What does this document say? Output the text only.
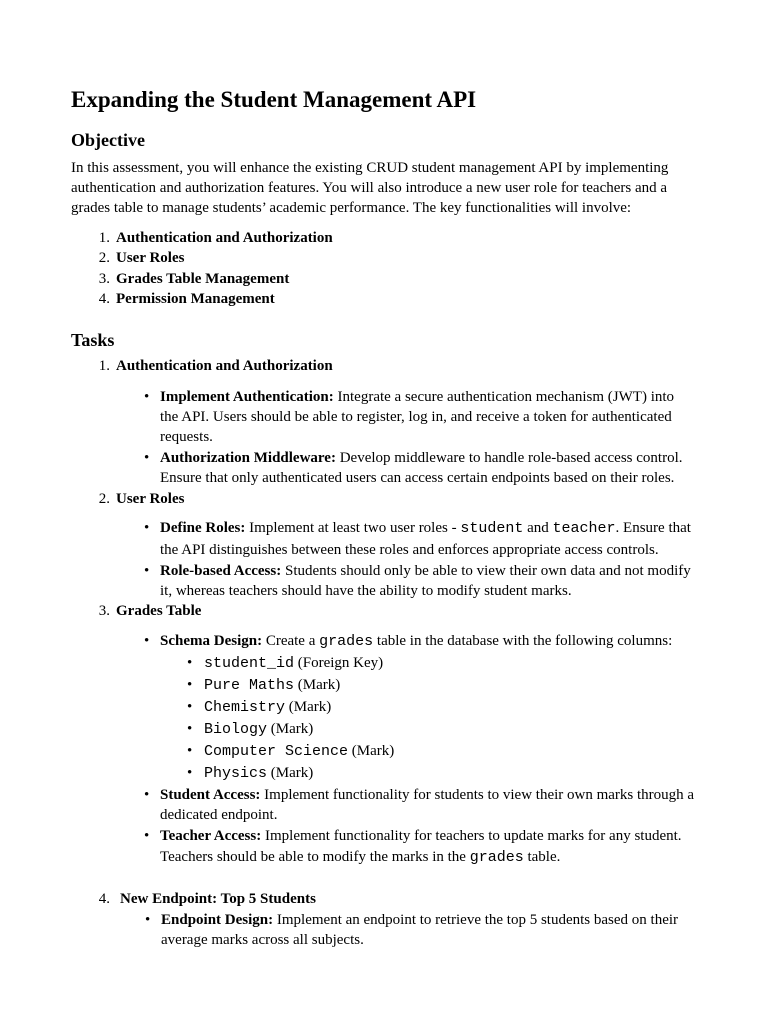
Expanding the Student Management API
Objective
In this assessment, you will enhance the existing CRUD student management API by implementing
authentication and authorization features. You will also introduce a new user role for teachers and a
grades table to manage students’ academic performance. The key functionalities will involve:
1. Authentication and Authorization
2. User Roles
3. Grades Table Management
4. Permission Management
Tasks
1. Authentication and Authorization
• Implement Authentication: Integrate a secure authentication mechanism (JWT) into
the API. Users should be able to register, log in, and receive a token for authenticated
requests.
• Authorization Middleware: Develop middleware to handle role-based access control.
Ensure that only authenticated users can access certain endpoints based on their roles.
2. User Roles
• Define Roles: Implement at least two user roles - student and teacher. Ensure that
the API distinguishes between these roles and enforces appropriate access controls.
• Role-based Access: Students should only be able to view their own data and not modify
it, whereas teachers should have the ability to modify student marks.
3. Grades Table
• Schema Design: Create a grades table in the database with the following columns:
• student_id (Foreign Key)
• Pure Maths (Mark)
• Chemistry (Mark)
• Biology (Mark)
• Computer Science (Mark)
• Physics (Mark)
• Student Access: Implement functionality for students to view their own marks through a
dedicated endpoint.
• Teacher Access: Implement functionality for teachers to update marks for any student.
Teachers should be able to modify the marks in the grades table.
4. New Endpoint: Top 5 Students
• Endpoint Design: Implement an endpoint to retrieve the top 5 students based on their
average marks across all subjects.
